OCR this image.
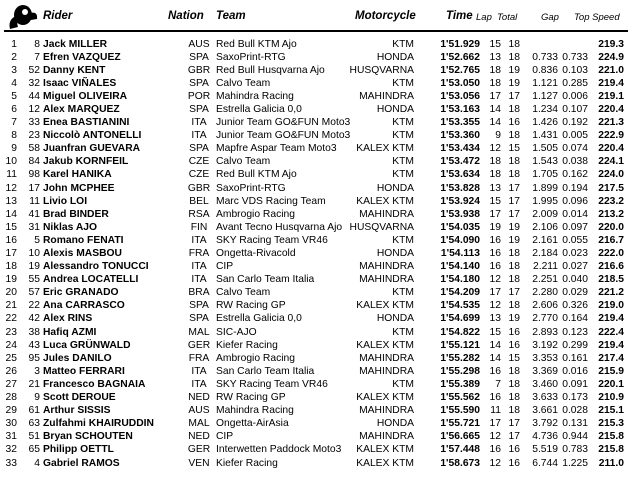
Rider	Nation Team	Motorcycle	Time Lap Total	Gap Top Speed
1	8 Jack MILLER	AUS Red Bull KTM Ajo	KTM	1'51.929 15 18	219.3
2	7 Efren VAZQUEZ	SPA SaxoPrint-RTG	HONDA	1'52.662 13 18 0.733 0.733 224.9
3	52 Danny KENT	GBR Red Bull Husqvarna Ajo	HUSQVARNA	1'52.765 18 19 0.836 0.103 221.0
4	32 Isaac VIÑALES	SPA Calvo Team	KTM	1'53.050 18 19 1.121 0.285 219.4
5	44 Miguel OLIVEIRA	POR Mahindra Racing	MAHINDRA	1'53.056 17 17 1.127 0.006 219.1
6	12 Alex MARQUEZ	SPA Estrella Galicia 0,0	HONDA	1'53.163 14 18 1.234 0.107 220.4
7	33 Enea BASTIANINI	ITA Junior Team GO&FUN Moto3	KTM	1'53.355 14 16 1.426 0.192 221.3
8	23 Niccolò ANTONELLI	ITA Junior Team GO&FUN Moto3	KTM	1'53.360	9 18 1.431 0.005 222.9
9	58 Juanfran GUEVARA	SPA Mapfre Aspar Team Moto3	KALEX KTM	1'53.434 12 15 1.505 0.074 220.4
10	84 Jakub KORNFEIL	CZE Calvo Team	KTM	1'53.472 18 18 1.543 0.038 224.1
11	98 Karel HANIKA	CZE Red Bull KTM Ajo	KTM	1'53.634 18 18 1.705 0.162 224.0
12	17 John MCPHEE	GBR SaxoPrint-RTG	HONDA	1'53.828 13 17 1.899 0.194 217.5
13	11 Livio LOI	BEL Marc VDS Racing Team	KALEX KTM	1'53.924 15 17 1.995 0.096 223.2
14	41 Brad BINDER	RSA Ambrogio Racing	MAHINDRA	1'53.938 17 17 2.009 0.014 213.2
15	31 Niklas AJO	FIN Avant Tecno Husqvarna Ajo HUSQVARNA	1'54.035 19 19 2.106 0.097 220.0
16	5 Romano FENATI	ITA SKY Racing Team VR46	KTM	1'54.090 16 19 2.161 0.055 216.7
17	10 Alexis MASBOU	FRA Ongetta-Rivacold	HONDA	1'54.113 16 18 2.184 0.023 222.0
18	19 Alessandro TONUCCI	ITA CIP	MAHINDRA	1'54.140 16 18 2.211 0.027 216.6
19	55 Andrea LOCATELLI	ITA San Carlo Team Italia	MAHINDRA	1'54.180 12 18 2.251 0.040 218.5
20	57 Eric GRANADO	BRA Calvo Team	KTM	1'54.209 17 17 2.280 0.029 221.2
21	22 Ana CARRASCO	SPA RW Racing GP	KALEX KTM	1'54.535 12 18 2.606 0.326 219.0
22	42 Alex RINS	SPA Estrella Galicia 0,0	HONDA	1'54.699 13 19 2.770 0.164 219.4
23	38 Hafiq AZMI	MAL SIC-AJO	KTM	1'54.822 15 16 2.893 0.123 222.4
24	43 Luca GRÜNWALD	GER Kiefer Racing	KALEX KTM	1'55.121 14 16 3.192 0.299 219.4
25	95 Jules DANILO	FRA Ambrogio Racing	MAHINDRA	1'55.282 14 15 3.353 0.161 217.4
26	3 Matteo FERRARI	ITA San Carlo Team Italia	MAHINDRA	1'55.298 16 18 3.369 0.016 215.9
27	21 Francesco BAGNAIA	ITA SKY Racing Team VR46	KTM	1'55.389	7 18 3.460 0.091 220.1
28	9 Scott DEROUE	NED RW Racing GP	KALEX KTM	1'55.562 16 18 3.633 0.173 210.9
29	61 Arthur SISSIS	AUS Mahindra Racing	MAHINDRA	1'55.590 11 18 3.661 0.028 215.1
30	63 Zulfahmi KHAIRUDDIN	MAL Ongetta-AirAsia	HONDA	1'55.721 17 17 3.792 0.131 215.3
31	51 Bryan SCHOUTEN	NED CIP	MAHINDRA	1'56.665 12 17 4.736 0.944 215.8
32	65 Philipp OETTL	GER Interwetten Paddock Moto3	KALEX KTM	1'57.448 16 16 5.519 0.783 215.8
33	4 Gabriel RAMOS	VEN Kiefer Racing	KALEX KTM	1'58.673 12 16 6.744 1.225	211.0
